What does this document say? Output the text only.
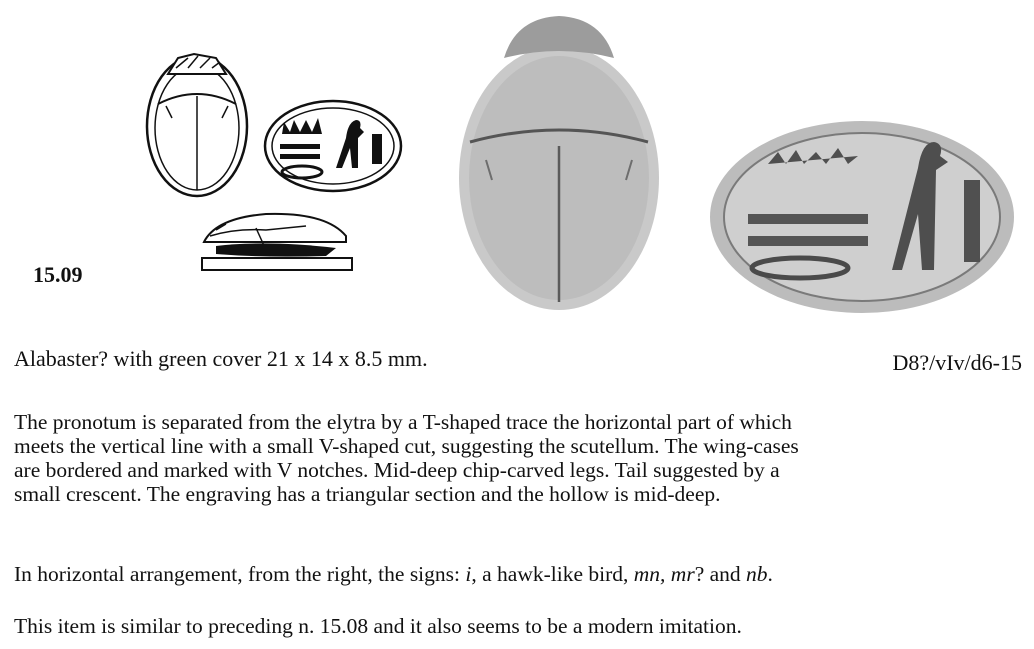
15.09
Alabaster? with green cover 21 x 14 x 8.5 mm.	D8?/vIv/d6-15
The pronotum is separated from the elytra by a T-shaped trace the horizontal part of which
meets the vertical line with a small V-shaped cut, suggesting the scutellum. The wing-cases
are bordered and marked with V notches. Mid-deep chip-carved legs. Tail suggested by a
small crescent. The engraving has a triangular section and the hollow is mid-deep.
In horizontal arrangement, from the right, the signs: i, a hawk-like bird, mn, mr? and nb.
This item is similar to preceding n. 15.08 and it also seems to be a modern imitation.
